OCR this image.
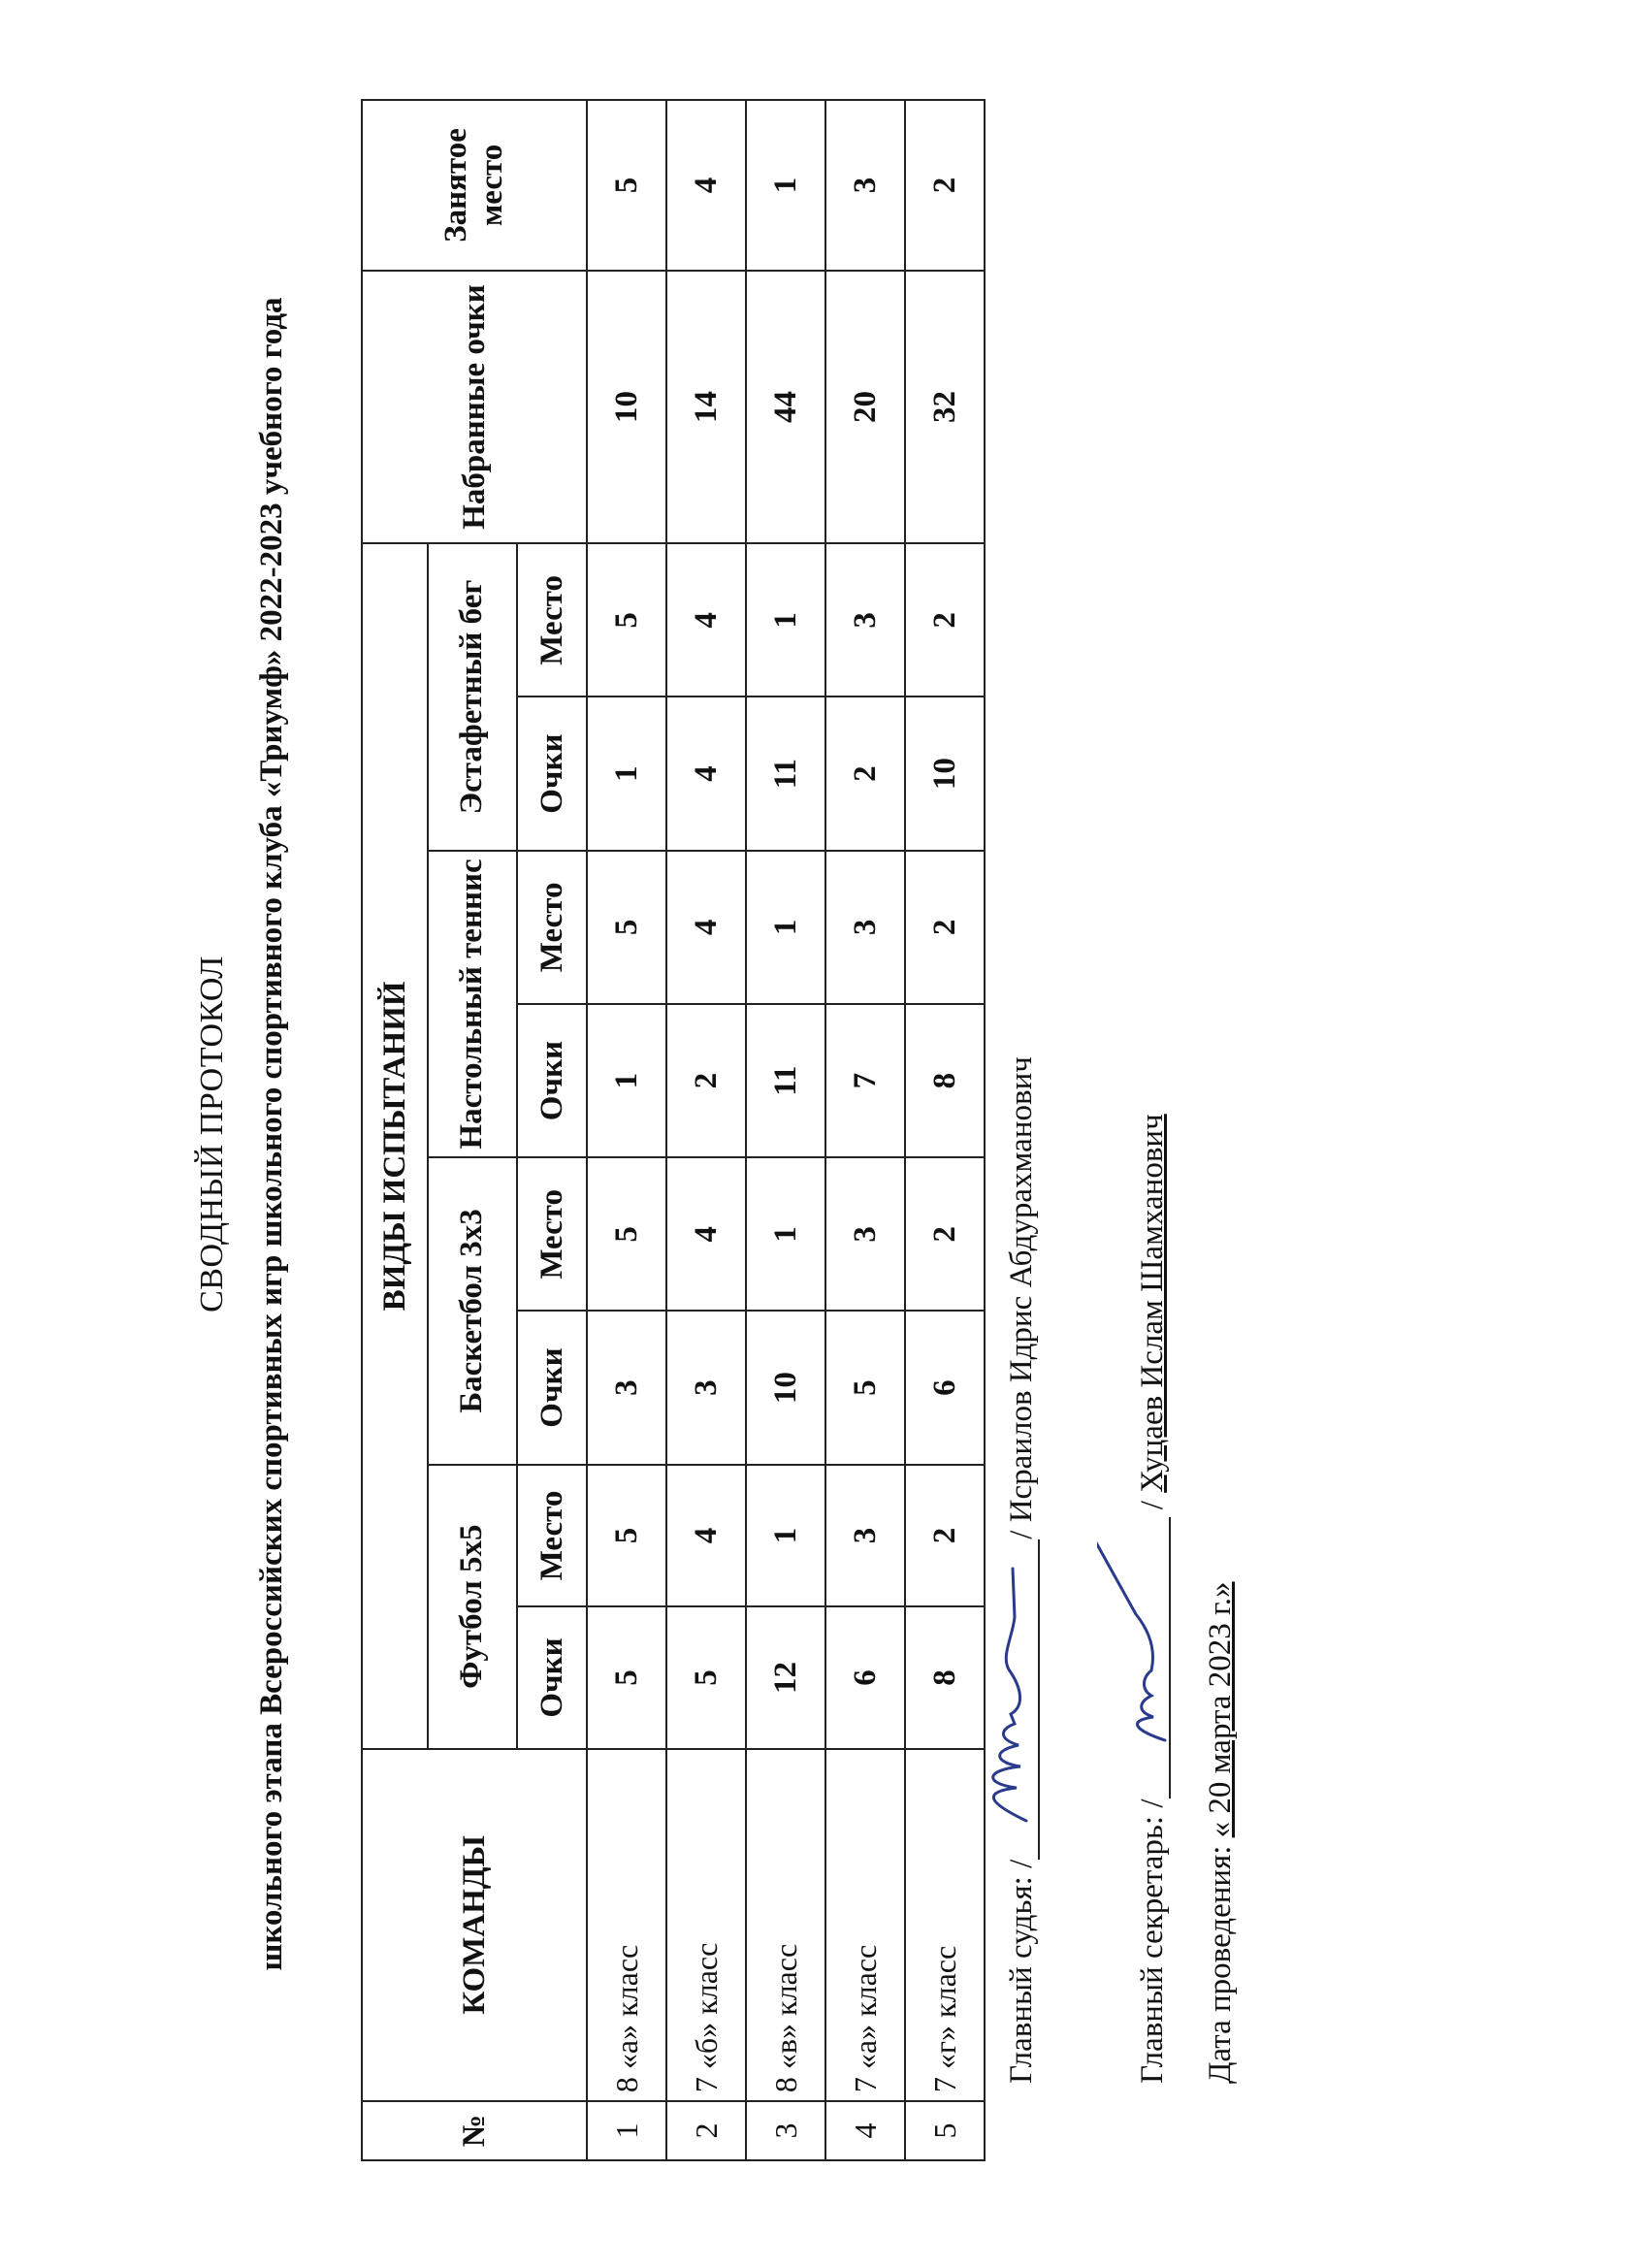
СВОДНЫЙ ПРОТОКОЛ школьного этапа Всероссийских спортивных игр школьного спортивного клуба «Триумф» 2022-2023 учебного года
№	КОМАНДЫ	ВИДЫ ИСПЫТАНИЙ								Набранные очки	Занятое место
		Футбол 5х5		Баскетбол 3х3		Настольный теннис		Эстафетный бег			
		Очки	Место	Очки	Место	Очки	Место	Очки	Место		
1	8 «а» класс	5	5	3	5	1	5	1	5	10	5
2	7 «б» класс	5	4	3	4	2	4	4	4	14	4
3	8 «в» класс	12	1	10	1	11	1	11	1	44	1
4	7 «а» класс	6	3	5	3	7	3	2	3	20	3
5	7 «г» класс	8	2	6	2	8	2	10	2	32	2
Главный судья: /
/ Исраилов Идрис Абдурахманович
Главный секретарь: /
/ Хуцаев Ислам Шамханович
Дата проведения: « 20 марта 2023 г.»
